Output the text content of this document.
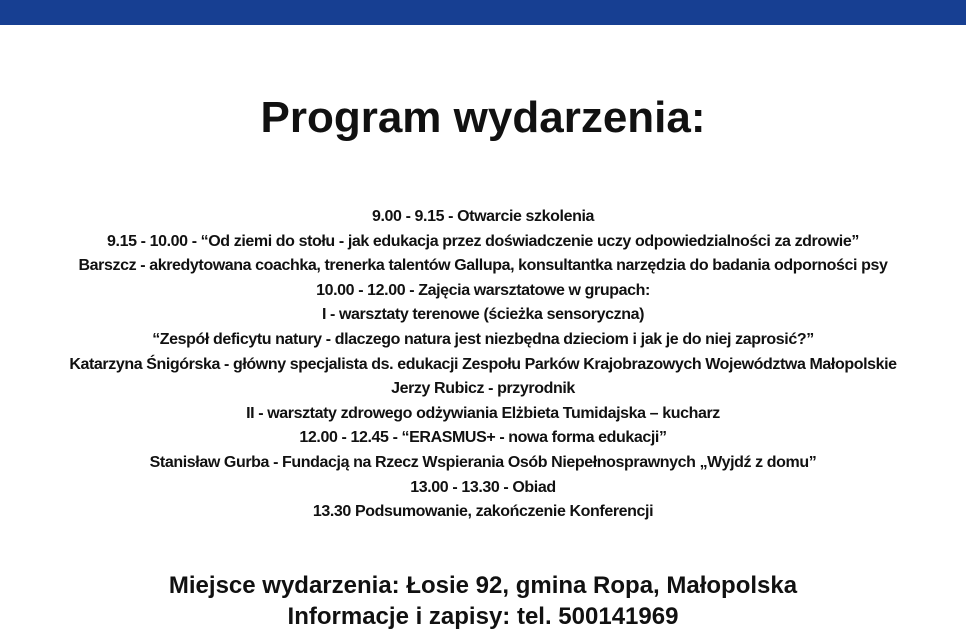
Program wydarzenia:
9.00 - 9.15 - Otwarcie szkolenia
9.15 - 10.00 - “Od ziemi do stołu - jak edukacja przez doświadczenie uczy odpowiedzialności za zdrowie”
Barszcz - akredytowana coachka, trenerka talentów Gallupa, konsultantka narzędzia do badania odporności psy
10.00 - 12.00 - Zajęcia warsztatowe w grupach:
I - warsztaty terenowe (ścieżka sensoryczna)
“Zespół deficytu natury - dlaczego natura jest niezbędna dzieciom i jak je do niej zaprosić?”
Katarzyna Śnigórska - główny specjalista ds. edukacji Zespołu Parków Krajobrazowych Województwa Małopolskie
Jerzy Rubicz - przyrodnik
II - warsztaty zdrowego odżywiania Elżbieta Tumidajska – kucharz
12.00 - 12.45 - “ERASMUS+ - nowa forma edukacji”
Stanisław Gurba - Fundacją na Rzecz Wspierania Osób Niepełnosprawnych „Wyjdź z domu”
13.00 - 13.30 - Obiad
13.30 Podsumowanie, zakończenie Konferencji
Miejsce wydarzenia: Łosie 92, gmina Ropa, Małopolska
Informacje i zapisy: tel. 500141969
